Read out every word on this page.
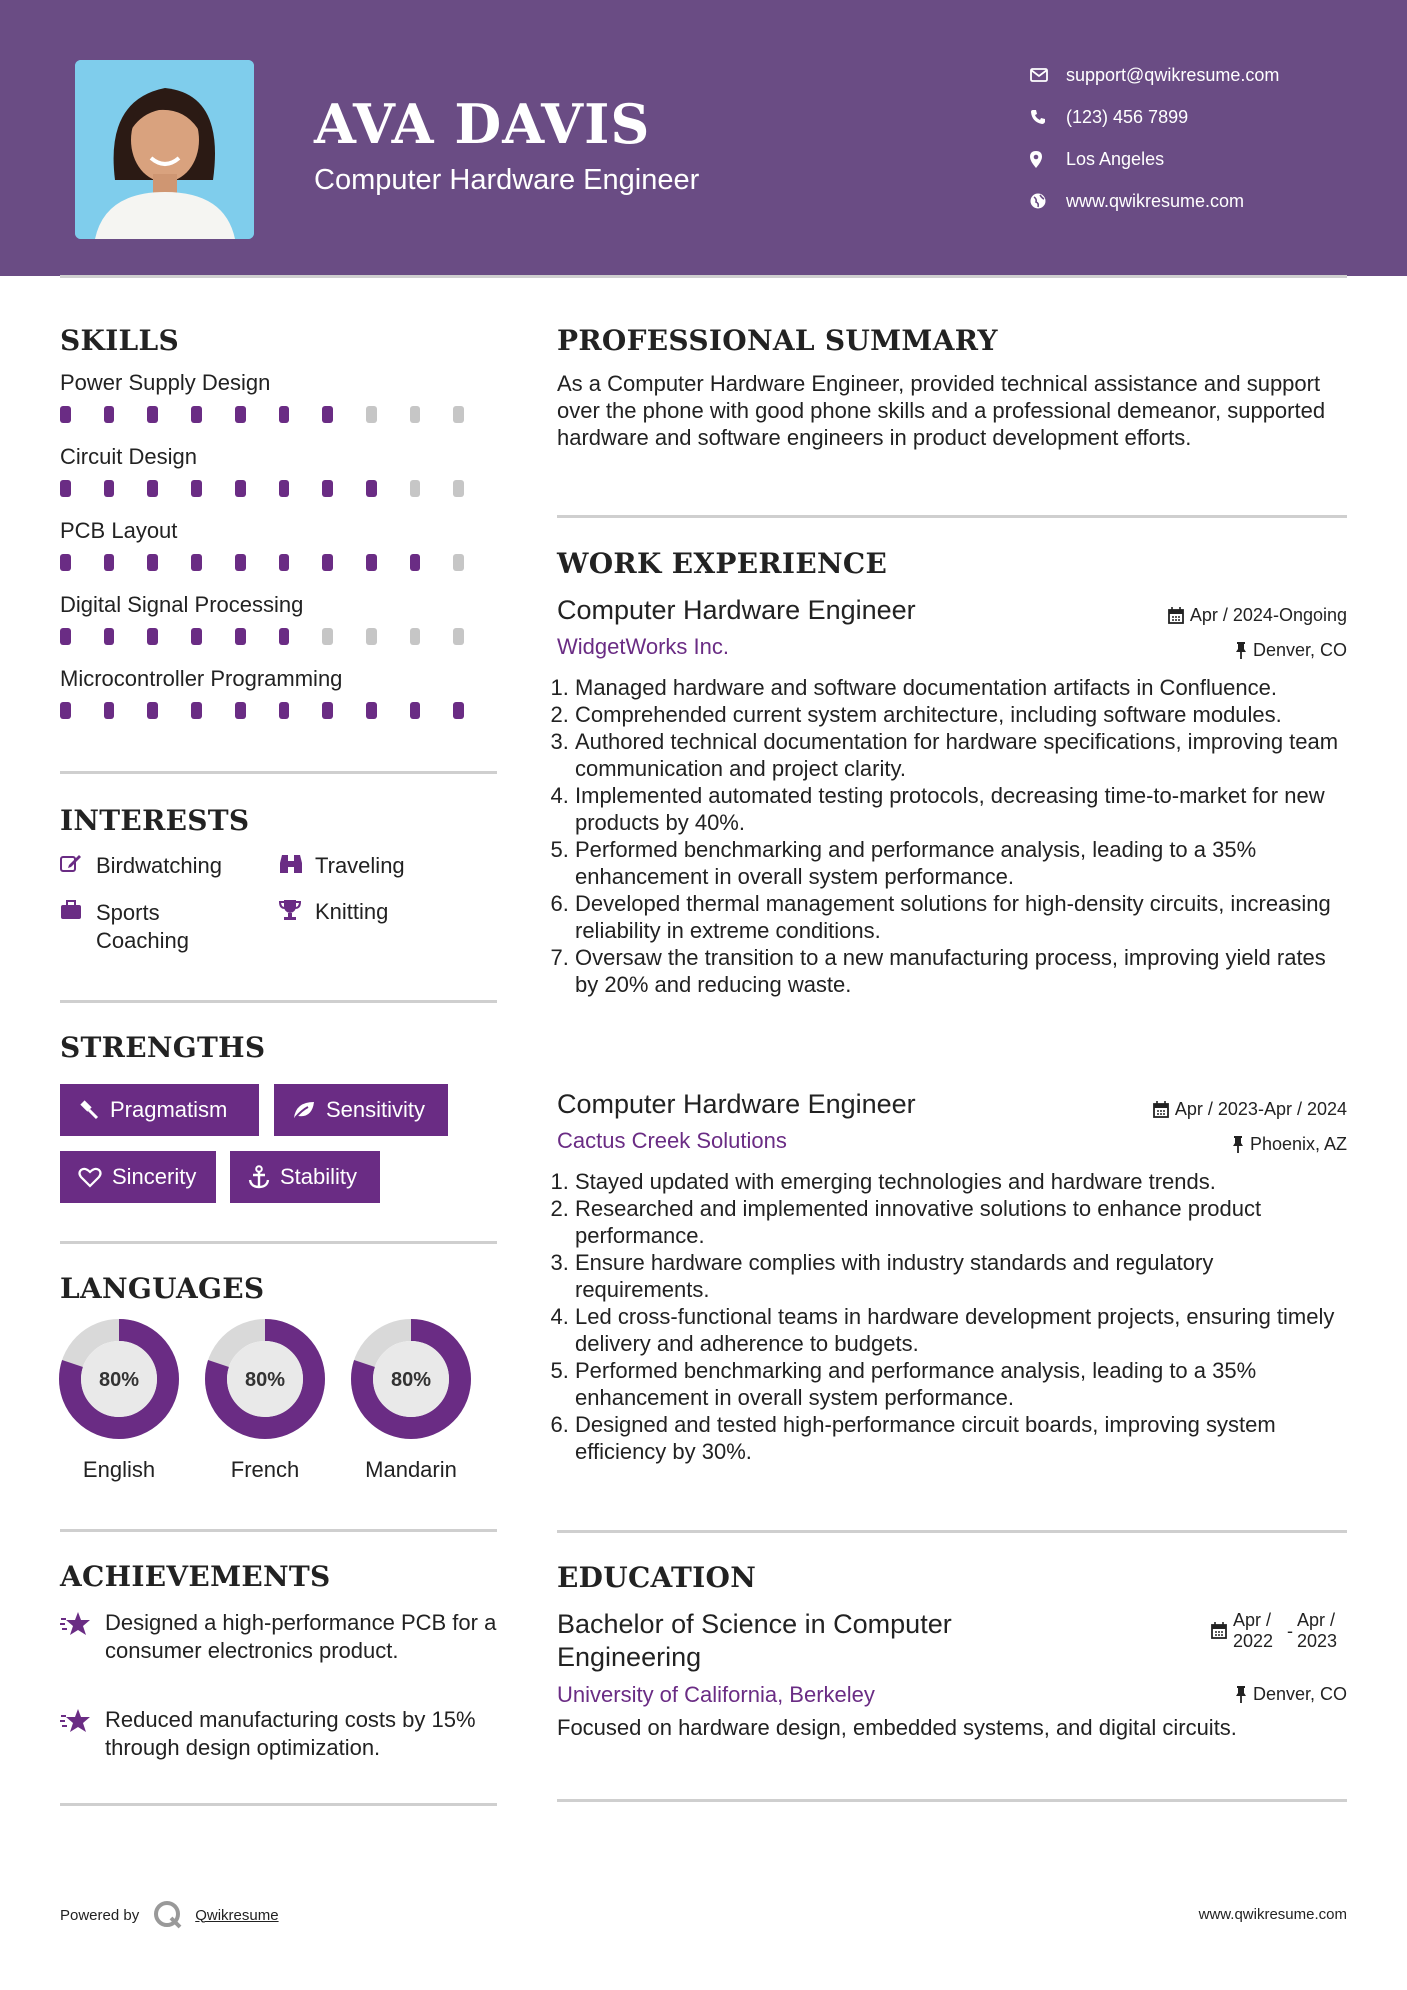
AVA DAVIS
Computer Hardware Engineer
support@qwikresume.com
(123) 456 7899
Los Angeles
www.qwikresume.com
SKILLS
Power Supply Design
Circuit Design
PCB Layout
Digital Signal Processing
Microcontroller Programming
INTERESTS
Birdwatching	Traveling
Sports Coaching
Knitting
STRENGTHS
Pragmatism	Sensitivity
Sincerity	Stability
LANGUAGES
80%
English
80%
French
80%
Mandarin
ACHIEVEMENTS
Designed a high-performance PCB for a consumer electronics product.
Reduced manufacturing costs by 15% through design optimization.
PROFESSIONAL SUMMARY
As a Computer Hardware Engineer, provided technical assistance and support over the phone with good phone skills and a professional demeanor, supported hardware and software engineers in product development efforts.
WORK EXPERIENCE
Computer Hardware Engineer	Apr / 2024-Ongoing
WidgetWorks Inc.	Denver, CO
1. Managed hardware and software documentation artifacts in Confluence.
2. Comprehended current system architecture, including software modules.
3. Authored technical documentation for hardware specifications, improving team communication and project clarity.
4. Implemented automated testing protocols, decreasing time-to-market for new products by 40%.
5. Performed benchmarking and performance analysis, leading to a 35% enhancement in overall system performance.
6. Developed thermal management solutions for high-density circuits, increasing reliability in extreme conditions.
7. Oversaw the transition to a new manufacturing process, improving yield rates by 20% and reducing waste.
Computer Hardware Engineer	Apr / 2023-Apr / 2024
Cactus Creek Solutions	Phoenix, AZ
1. Stayed updated with emerging technologies and hardware trends.
2. Researched and implemented innovative solutions to enhance product performance.
3. Ensure hardware complies with industry standards and regulatory requirements.
4. Led cross-functional teams in hardware development projects, ensuring timely delivery and adherence to budgets.
5. Performed benchmarking and performance analysis, leading to a 35% enhancement in overall system performance.
6. Designed and tested high-performance circuit boards, improving system efficiency by 30%.
EDUCATION
Bachelor of Science in Computer Engineering
Apr / 2022 -
Apr / 2023
University of California, Berkeley	Denver, CO
Focused on hardware design, embedded systems, and digital circuits.
Powered by	Qwikresume	www.qwikresume.com
